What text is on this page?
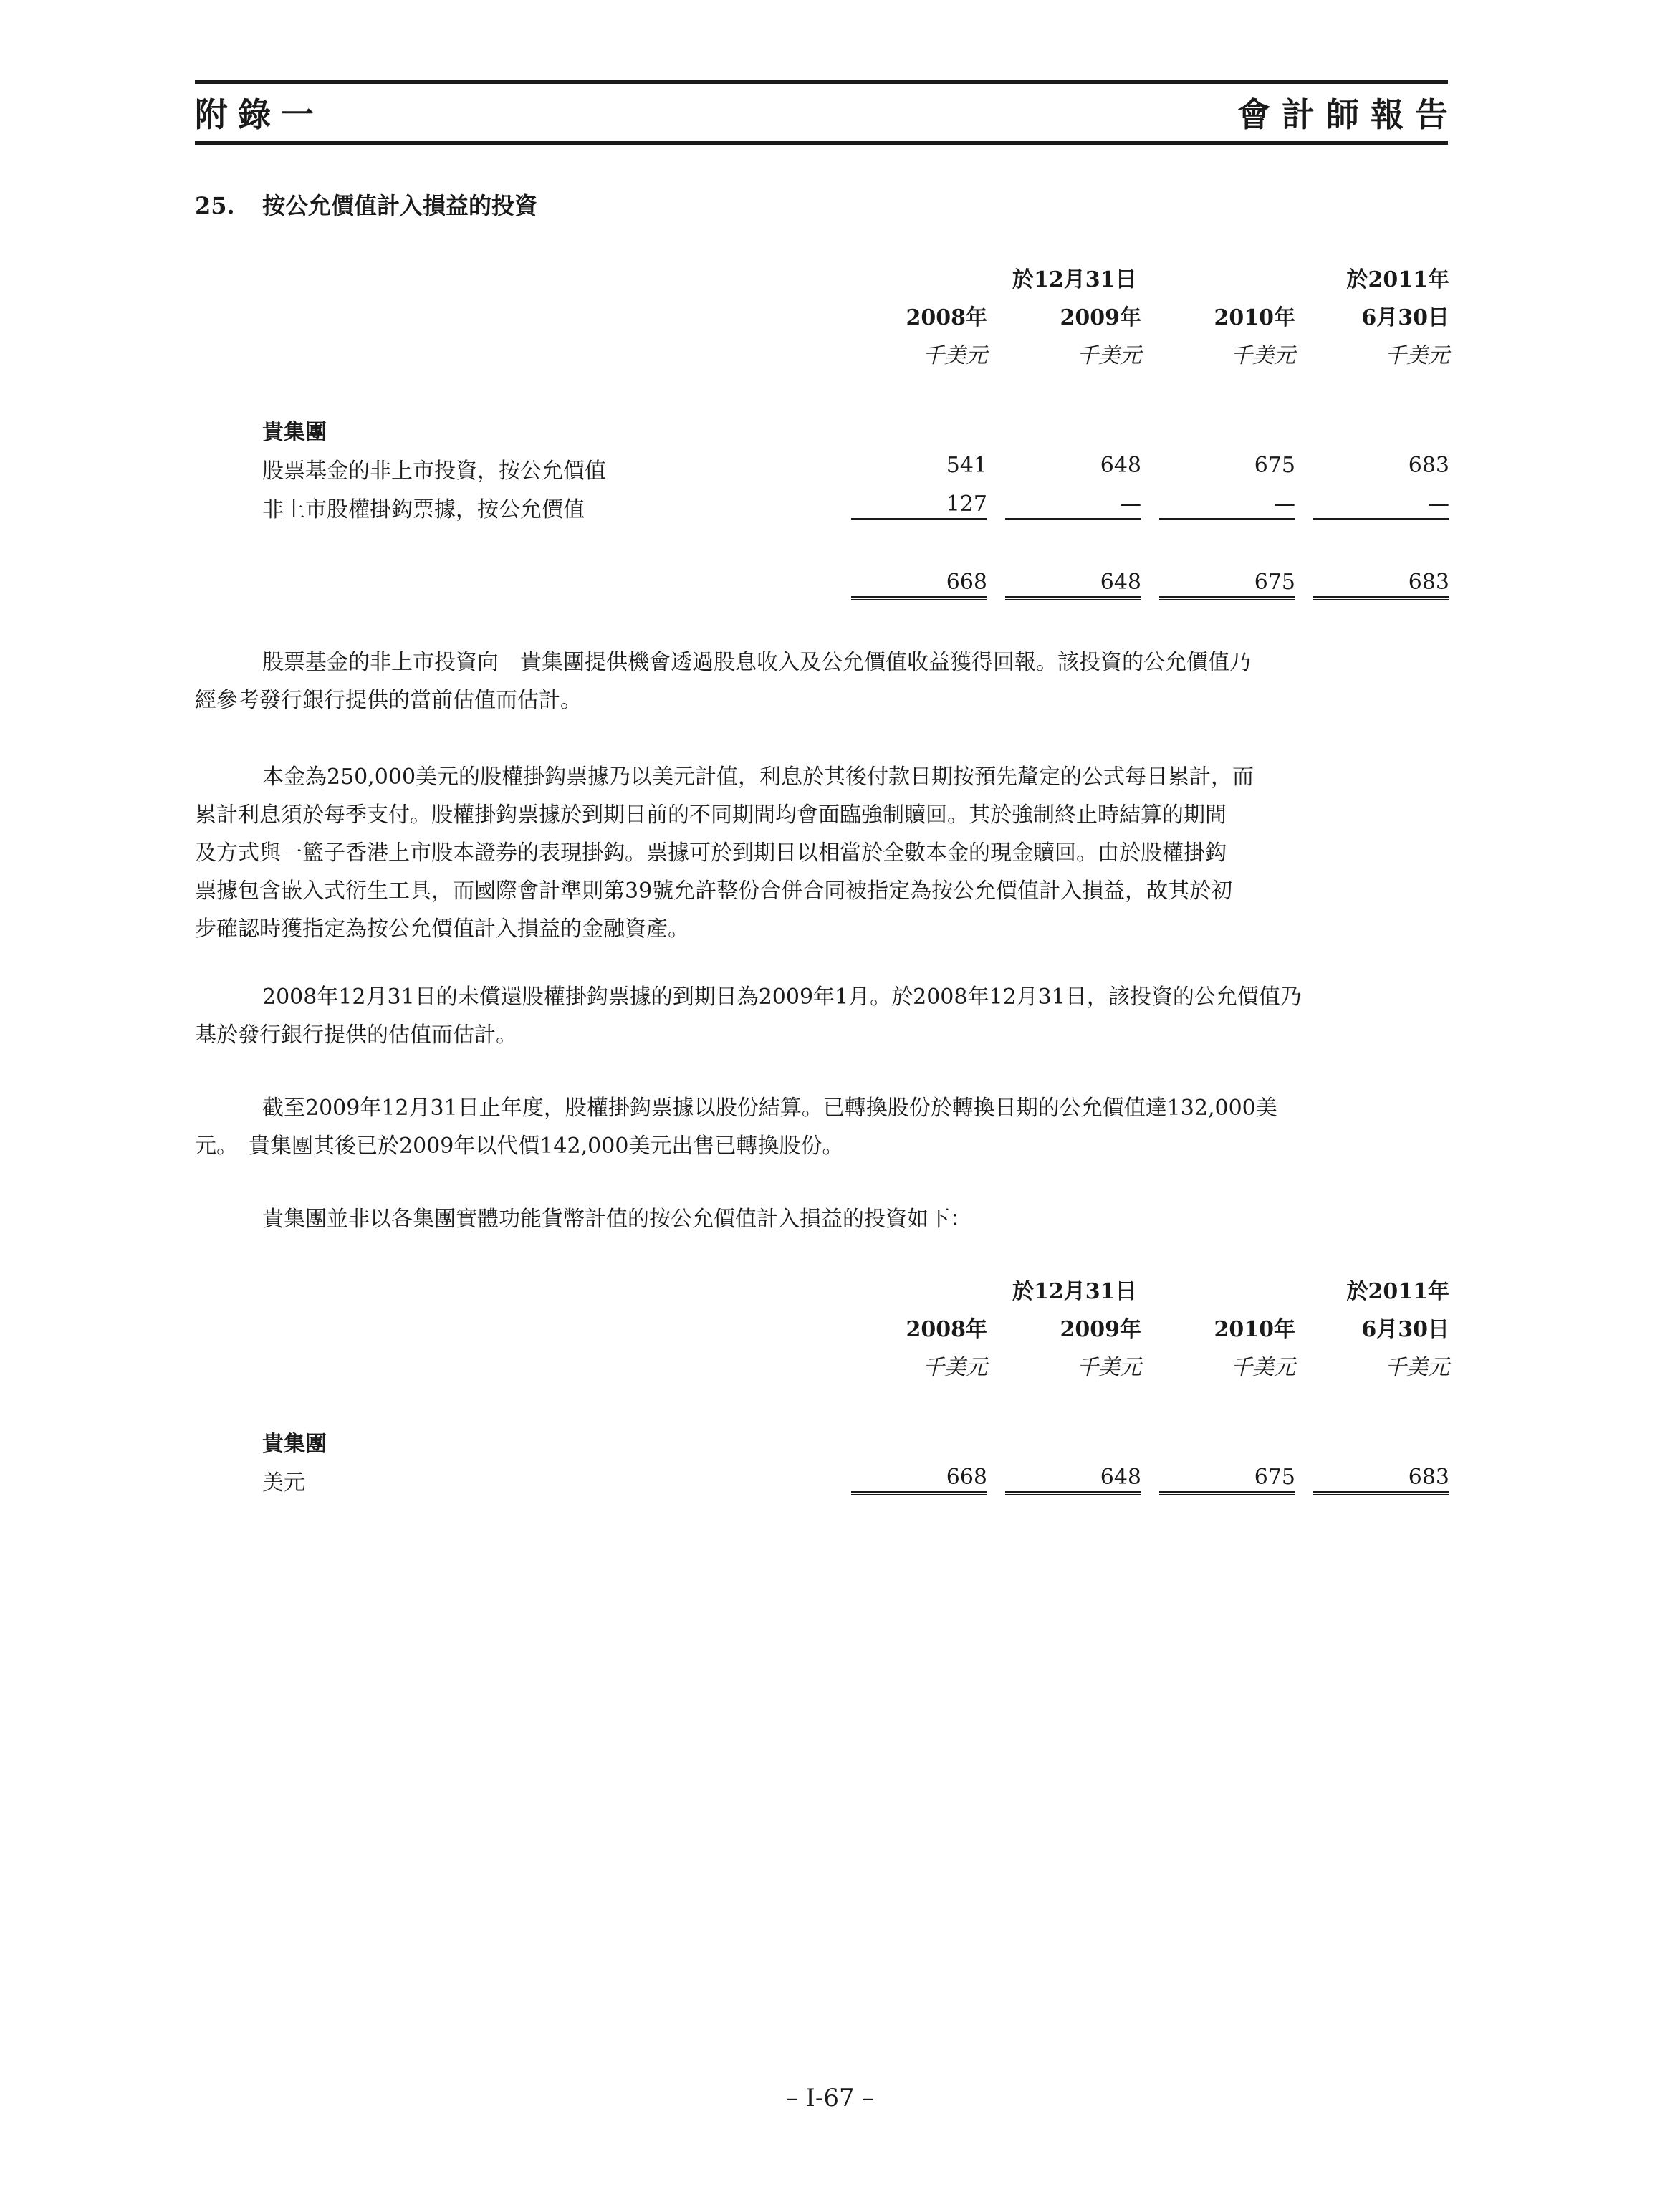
附錄一	會計師報告
25. 按公允價值計入損益的投資
於12月31日	於2011年
2008年	2009年	2010年	6月30日
千美元	千美元	千美元	千美元
貴集團
股票基金的非上市投資，按公允價值	541	648	675	683
非上市股權掛鈎票據，按公允價值	127	—	—	—
668	648	675	683
股票基金的非上市投資向　貴集團提供機會透過股息收入及公允價值收益獲得回報。該投資的公允價值乃
經參考發行銀行提供的當前估值而估計。
本金為250,000美元的股權掛鈎票據乃以美元計值，利息於其後付款日期按預先釐定的公式每日累計，而
累計利息須於每季支付。股權掛鈎票據於到期日前的不同期間均會面臨強制贖回。其於強制終止時結算的期間
及方式與一籃子香港上市股本證券的表現掛鈎。票據可於到期日以相當於全數本金的現金贖回。由於股權掛鈎
票據包含嵌入式衍生工具，而國際會計準則第39號允許整份合併合同被指定為按公允價值計入損益，故其於初
步確認時獲指定為按公允價值計入損益的金融資產。
2008年12月31日的未償還股權掛鈎票據的到期日為2009年1月。於2008年12月31日，該投資的公允價值乃
基於發行銀行提供的估值而估計。
截至2009年12月31日止年度，股權掛鈎票據以股份結算。已轉換股份於轉換日期的公允價值達132,000美
元。　貴集團其後已於2009年以代價142,000美元出售已轉換股份。
貴集團並非以各集團實體功能貨幣計值的按公允價值計入損益的投資如下：
於12月31日	於2011年
2008年	2009年	2010年	6月30日
千美元	千美元	千美元	千美元
貴集團
美元	668	648	675	683
– I-67 –
